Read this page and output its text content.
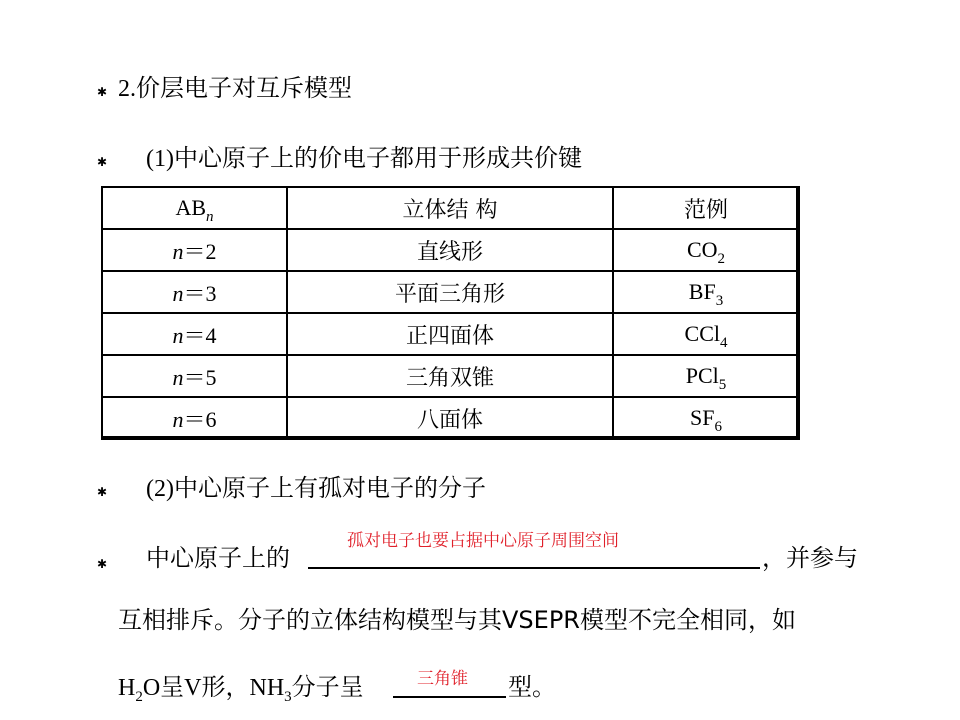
✱ 2.价层电子对互斥模型
✱ (1)中心原子上的价电子都用于形成共价键
$AB_n$	立体结 构	范例
n＝2	直线形	$CO_2$
n＝3	平面三角形	$BF_3$
n＝4	正四面体	CCl$_4$
n＝5	三角双锥	PCl$_5$
n＝6	八面体	$SF_6$
✱ (2)中心原子上有孤对电子的分子
✱ 中心原子上的
孤对电子也要占据中心原子周围空间
，并参与
互相排斥。分子的立体结构模型与其VSEPR模型不完全相同，如
$H_2O$呈V形，$NH_3$分子呈	三角锥 型。
